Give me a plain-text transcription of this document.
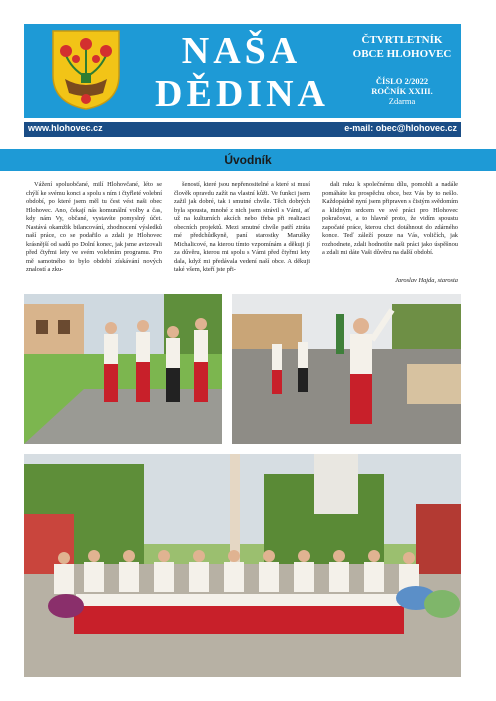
NAŠA
DĚDINA
ČTVRTLETNÍK
OBCE HLOHOVEC
ČÍSLO 2/2022
ROČNÍK XXIII.
Zdarma
www.hlohovec.cz	e-mail: obec@hlohovec.cz
Úvodník

Vážení spoluobčané, milí Hlohovčané, léto se chýlí ke svému konci a spolu s ním i čtyřleté volební období, po které jsem měl tu čest vést naši obec Hlohovec. Ano, čekají nás komunální volby a čas, kdy nám Vy, občané, vystavíte pomyslný účet. Nastává okamžik bilancování, zhodnocení výsledků naší práce, co se podařilo a zdali je Hlohovec krásnější od sadů po Dolní konec, jak jsme avizovali před čtyřmi lety ve svém volebním programu. Pro mě samotného to bylo období získávání nových znalostí a zku-

šeností, které jsou nepřenositelné a které si musí člověk opravdu zažít na vlastní kůži. Ve funkci jsem zažil jak dobré, tak i smutné chvíle. Těch dobrých byla spousta, mnohé z nich jsem strávil s Vámi, ať už na kulturních akcích nebo třeba při realizaci obecních projektů. Mezi smutné chvíle patří ztráta mé předchůdkyně, paní starostky Marušky Michalicové, na kterou tímto vzpomínám a děkuji jí za důvěru, kterou mi spolu s Vámi před čtyřmi lety dala, když mi předávala vedení naší obce. A děkuji také všem, kteří jste při-

dali ruku k společnému dílu, pomohli a nadále pomáháte ku prospěchu obce, bez Vás by to nešlo. Každopádně nyní jsem připraven s čistým svědomím a klidným srdcem ve své práci pro Hlohovec pokračovat, a to hlavně proto, že vidím spoustu započaté práce, kterou chci dotáhnout do zdárného konce. Teď záleží pouze na Vás, voličích, jak rozhodnete, zdali hodnotíte naši práci jako úspěšnou a zdali mi dáte Vaši důvěru na další období.

Jaroslav Hajda, starosta
